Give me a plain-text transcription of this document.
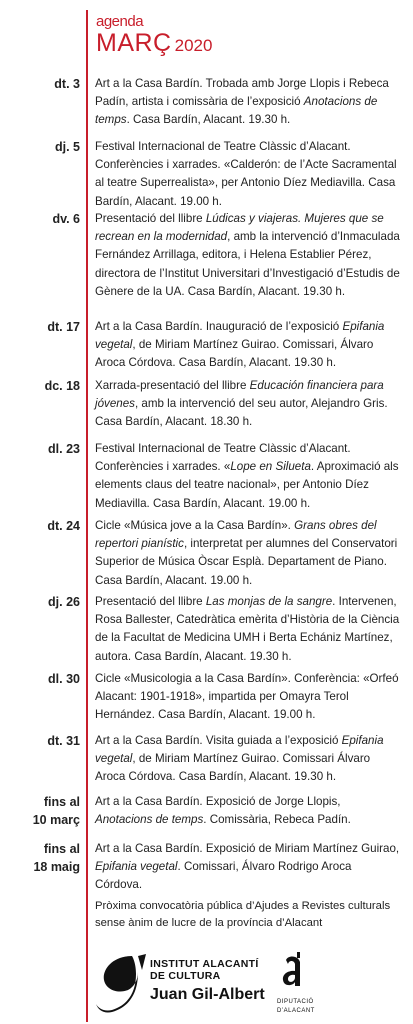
agenda
MARÇ 2020
dt. 3 Art a la Casa Bardín. Trobada amb Jorge Llopis i Rebeca Padín, artista i comissària de l’exposició Anotacions de temps. Casa Bardín, Alacant. 19.30 h.
dj. 5 Festival Internacional de Teatre Clàssic d’Alacant. Conferències i xarrades. «Calderón: de l’Acte Sacramental al teatre Superrealista», per Antonio Díez Mediavilla. Casa Bardín, Alacant. 19.00 h.
dv. 6 Presentació del llibre Lúdicas y viajeras. Mujeres que se recrean en la modernidad, amb la intervenció d’Inmaculada Fernández Arrillaga, editora, i Helena Establier Pérez, directora de l’Institut Universitari d’Investigació d’Estudis de Gènere de la UA. Casa Bardín, Alacant. 19.30 h.
dt. 17 Art a la Casa Bardín. Inauguració de l’exposició Epifania vegetal, de Miriam Martínez Guirao. Comissari, Álvaro Aroca Córdova. Casa Bardín, Alacant. 19.30 h.
dc. 18 Xarrada-presentació del llibre Educación financiera para jóvenes, amb la intervenció del seu autor, Alejandro Gris. Casa Bardín, Alacant. 18.30 h.
dl. 23 Festival Internacional de Teatre Clàssic d’Alacant. Conferències i xarrades. «Lope en Silueta. Aproximació als elements claus del teatre nacional», per Antonio Díez Mediavilla. Casa Bardín, Alacant. 19.00 h.
dt. 24 Cicle «Música jove a la Casa Bardín». Grans obres del repertori pianístic, interpretat per alumnes del Conservatori Superior de Música Òscar Esplà. Departament de Piano. Casa Bardín, Alacant. 19.00 h.
dj. 26 Presentació del llibre Las monjas de la sangre. Intervenen, Rosa Ballester, Catedràtica emèrita d’Història de la Ciència de la Facultat de Medicina UMH i Berta Echániz Martínez, autora. Casa Bardín, Alacant. 19.30 h.
dl. 30 Cicle «Musicologia a la Casa Bardín». Conferència: «Orfeó Alacant: 1901-1918», impartida per Omayra Terol Hernández. Casa Bardín, Alacant. 19.00 h.
dt. 31 Art a la Casa Bardín. Visita guiada a l’exposició Epifania vegetal, de Miriam Martínez Guirao. Comissari Álvaro Aroca Córdova. Casa Bardín, Alacant. 19.30 h.
fins al
10 març
Art a la Casa Bardín. Exposició de Jorge Llopis, Anotacions de temps. Comissària, Rebeca Padín.
fins al
18 maig
Art a la Casa Bardín. Exposició de Miriam Martínez Guirao, Epifania vegetal. Comissari, Álvaro Rodrigo Aroca Córdova.
Pròxima convocatòria pública d’Ajudes a Revistes culturals sense ànim de lucre de la província d’Alacant
INSTITUT ALACANTÍ
DE CULTURA
Juan Gil-Albert DIPUTACIÓ
D’ALACANT
